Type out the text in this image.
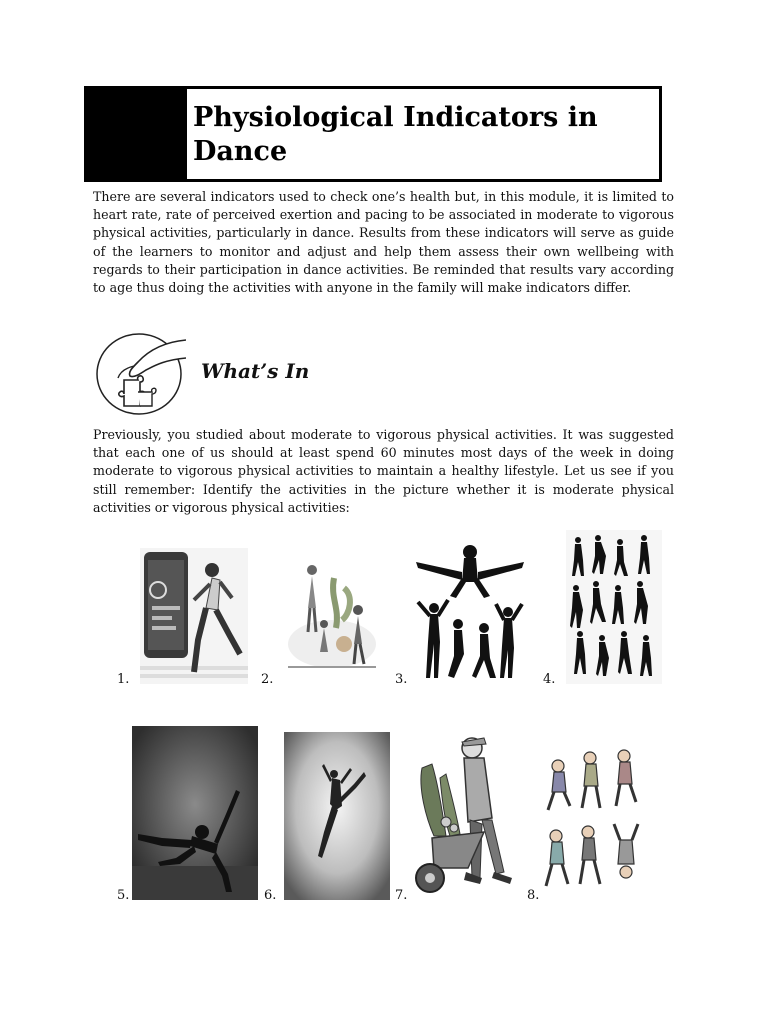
Physiological Indicators in Dance

There are several indicators used to check one’s health but, in this module, it is limited to heart rate, rate of perceived exertion and pacing to be associated in moderate to vigorous physical activities, particularly in dance. Results from these indicators will serve as guide of the learners to monitor and adjust and help them assess their own wellbeing with regards to their participation in dance activities. Be reminded that results vary according to age thus doing the activities with anyone in the family will make indicators differ.

What’s In

Previously, you studied about moderate to vigorous physical activities. It was suggested that each one of us should at least spend 60 minutes most days of the week in doing moderate to vigorous physical activities to maintain a healthy lifestyle. Let us see if you still remember: Identify the activities in the picture whether it is moderate physical activities or vigorous physical activities:

1.	2.	3.	4.
5.	6.	7.	8.
